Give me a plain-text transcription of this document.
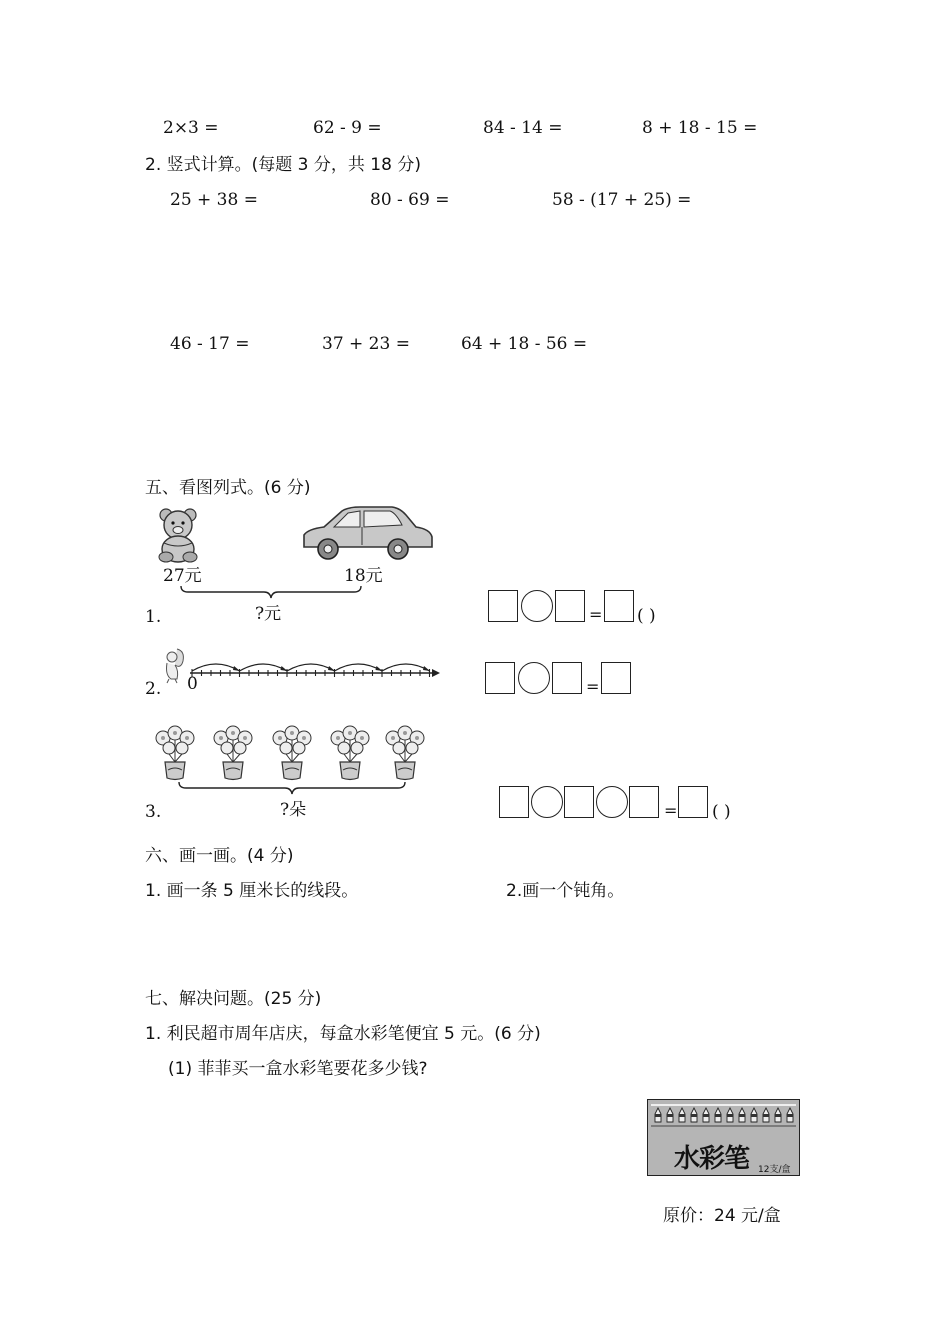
2×3 =	62 - 9 =	84 - 14 =	8 + 18 - 15 =
2. 竖式计算。(每题 3 分，共 18 分)
25 + 38 =	80 - 69 =	58 - (17 + 25) =
46 - 17 =	37 + 23 =	64 + 18 - 56 =
五、看图列式。(6 分)
27元	18元
?元
1.	= ( )
2. 0	=
?朵
3.	= ( )
六、画一画。(4 分)
1. 画一条 5 厘米长的线段。	2.画一个钝角。
七、解决问题。(25 分)
1. 利民超市周年店庆，每盒水彩笔便宜 5 元。(6 分)
(1) 菲菲买一盒水彩笔要花多少钱?
水彩笔 12支/盒
原价：24 元/盒
